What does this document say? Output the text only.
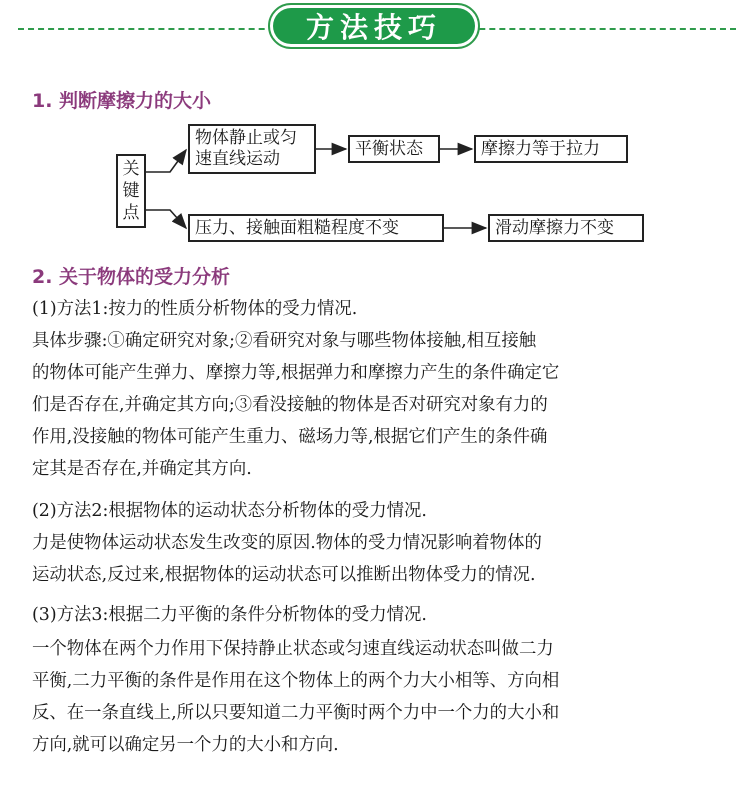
方法技巧
1. 判断摩擦力的大小
关
键
点
物体静止或匀
速直线运动	平衡状态	摩擦力等于拉力
压力、接触面粗糙程度不变	滑动摩擦力不变
2. 关于物体的受力分析
(1)方法1:按力的性质分析物体的受力情况.
具体步骤:①确定研究对象;②看研究对象与哪些物体接触,相互接触
的物体可能产生弹力、摩擦力等,根据弹力和摩擦力产生的条件确定它
们是否存在,并确定其方向;③看没接触的物体是否对研究对象有力的
作用,没接触的物体可能产生重力、磁场力等,根据它们产生的条件确
定其是否存在,并确定其方向.
(2)方法2:根据物体的运动状态分析物体的受力情况.
力是使物体运动状态发生改变的原因.物体的受力情况影响着物体的
运动状态,反过来,根据物体的运动状态可以推断出物体受力的情况.
(3)方法3:根据二力平衡的条件分析物体的受力情况.
一个物体在两个力作用下保持静止状态或匀速直线运动状态叫做二力
平衡,二力平衡的条件是作用在这个物体上的两个力大小相等、方向相
反、在一条直线上,所以只要知道二力平衡时两个力中一个力的大小和
方向,就可以确定另一个力的大小和方向.
